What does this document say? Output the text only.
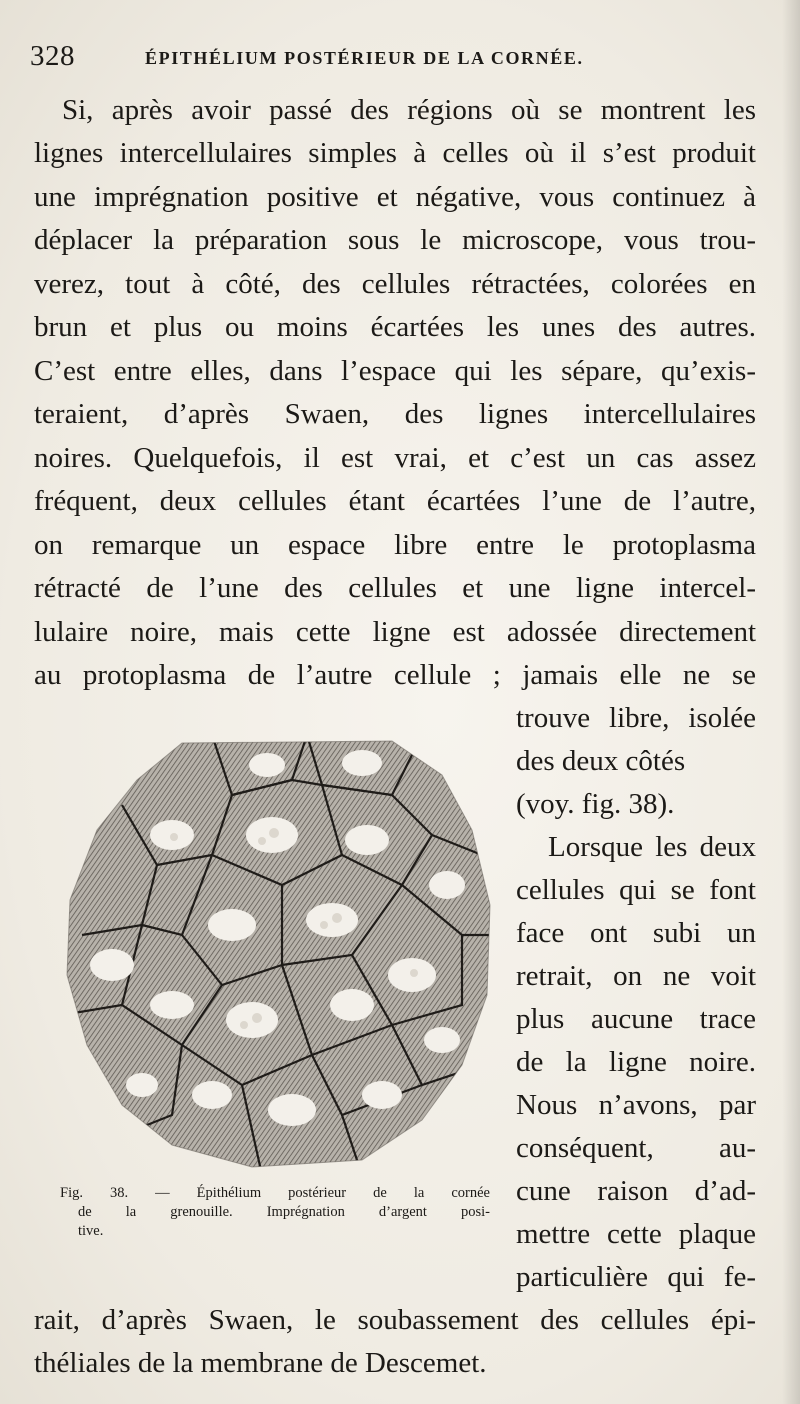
328	ÉPITHÉLIUM POSTÉRIEUR DE LA CORNÉE.
Si, après avoir passé des régions où se montrent les
lignes intercellulaires simples à celles où il s’est produit
une imprégnation positive et négative, vous continuez à
déplacer la préparation sous le microscope, vous trou-
verez, tout à côté, des cellules rétractées, colorées en
brun et plus ou moins écartées les unes des autres.
C’est entre elles, dans l’espace qui les sépare, qu’exis-
teraient, d’après Swaen, des lignes intercellulaires
noires. Quelquefois, il est vrai, et c’est un cas assez
fréquent, deux cellules étant écartées l’une de l’autre,
on remarque un espace libre entre le protoplasma
rétracté de l’une des cellules et une ligne intercel-
lulaire noire, mais cette ligne est adossée directement
au protoplasma de l’autre cellule ; jamais elle ne se
trouve libre, isolée
des deux côtés
(voy. fig. 38).
Lorsque les deux
cellules qui se font
face ont subi un
retrait, on ne voit
plus aucune trace
de la ligne noire.
Nous n’avons, par
conséquent, au-
cune raison d’ad-
mettre cette plaque
particulière qui fe-
rait, d’après Swaen, le soubassement des cellules épi-
théliales de la membrane de Descemet.
Fig. 38. — Épithélium postérieur de la cornée
de la grenouille. Imprégnation d’argent posi-
tive.
